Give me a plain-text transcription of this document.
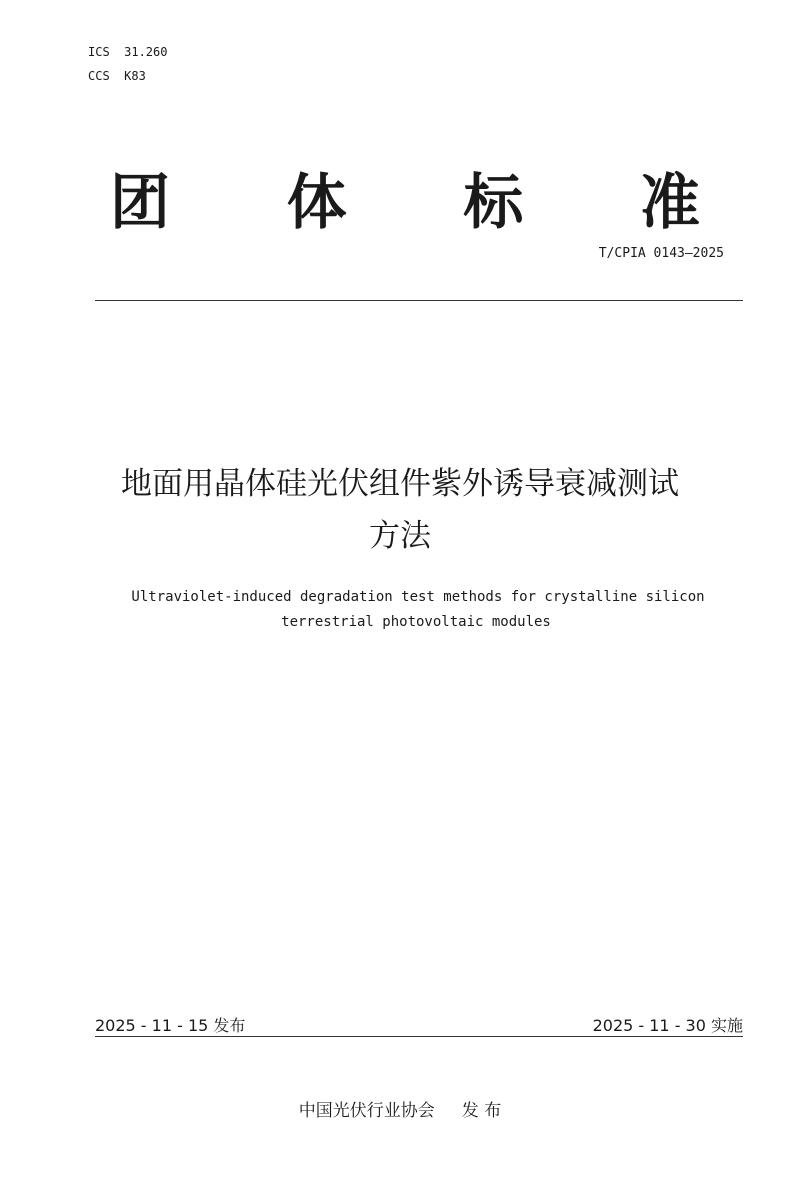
ICS  31.260
CCS  K83
团 体 标 准
T/CPIA 0143—2025
地面用晶体硅光伏组件紫外诱导衰减测试
方法
Ultraviolet-induced degradation test methods for crystalline silicon
terrestrial photovoltaic modules
2025 - 11 - 15 发布	2025 - 11 - 30 实施
中国光伏行业协会     发 布
